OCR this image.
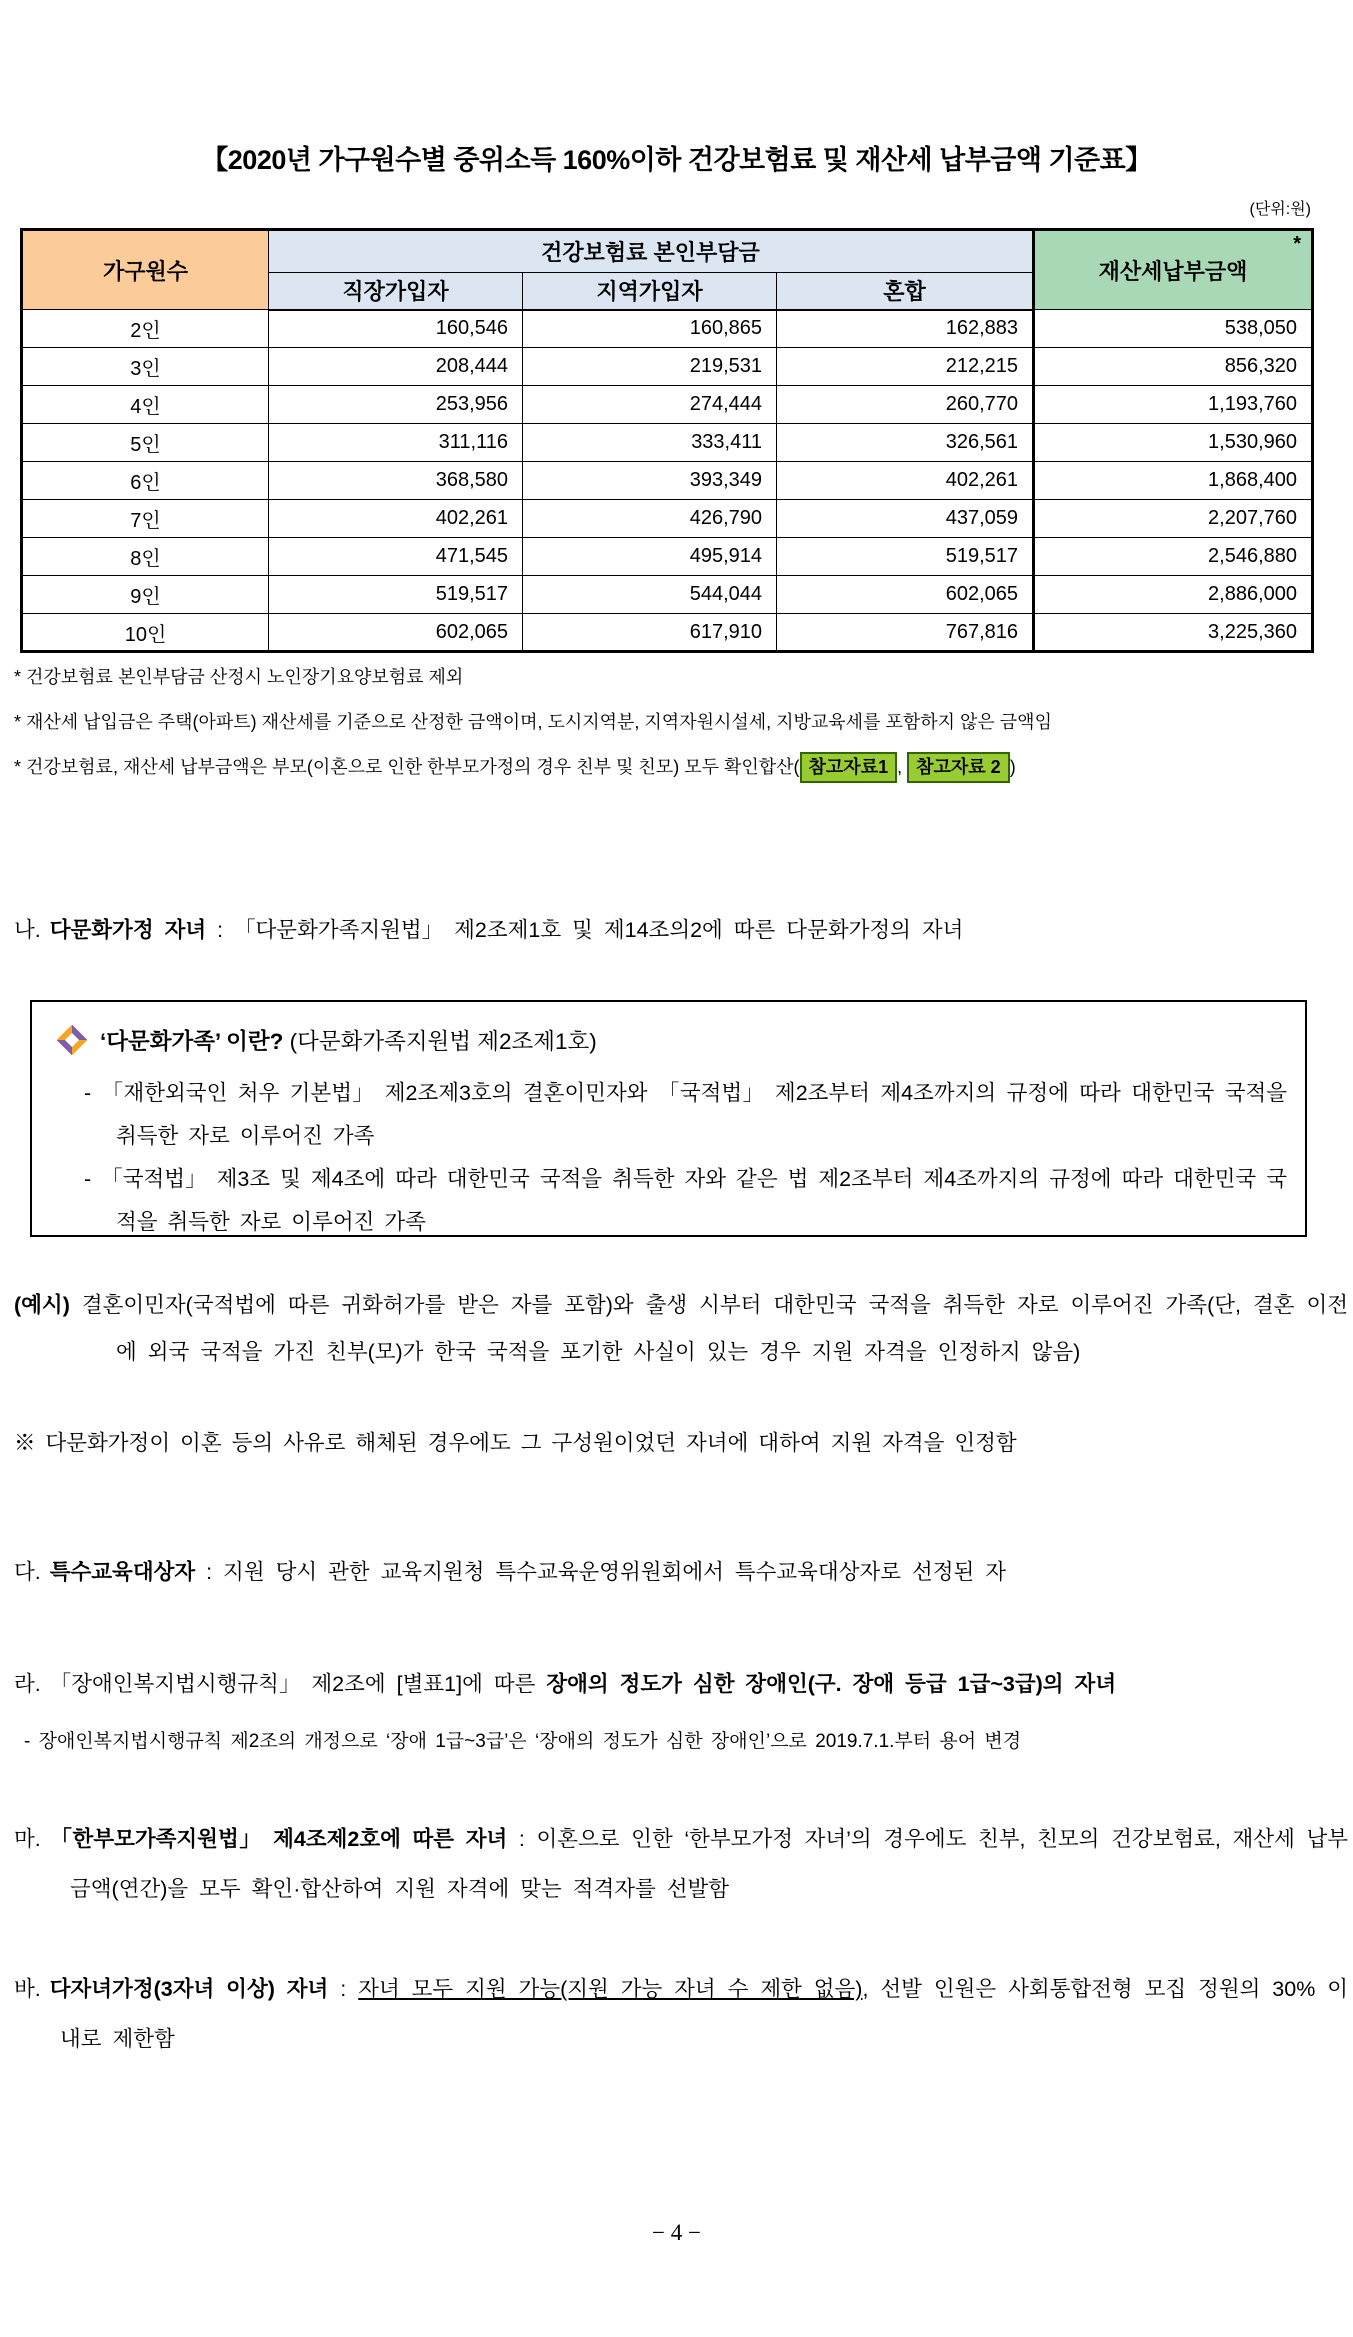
【2020년 가구원수별 중위소득 160%이하 건강보험료 및 재산세 납부금액 기준표】
(단위:원)
가구원수	건강보험료 본인부담금			재산세납부금액
*

	직장가입자	지역가입자	혼합	
2인	160,546	160,865	162,883	538,050
3인	208,444	219,531	212,215	856,320
4인	253,956	274,444	260,770	1,193,760
5인	311,116	333,411	326,561	1,530,960
6인	368,580	393,349	402,261	1,868,400
7인	402,261	426,790	437,059	2,207,760
8인	471,545	495,914	519,517	2,546,880
9인	519,517	544,044	602,065	2,886,000
10인	602,065	617,910	767,816	3,225,360
* 건강보험료 본인부담금 산정시 노인장기요양보험료 제외
* 재산세 납입금은 주택(아파트) 재산세를 기준으로 산정한 금액이며, 도시지역분, 지역자원시설세, 지방교육세를 포함하지 않은 금액임
* 건강보험료, 재산세 납부금액은 부모(이혼으로 인한 한부모가정의 경우 친부 및 친모) 모두 확인합산( 참고자료1 , 참고자료 2 )
나. 다문화가정 자녀 : 「다문화가족지원법」 제2조제1호 및 제14조의2에 따른 다문화가정의 자녀
‘다문화가족’ 이란? (다문화가족지원법 제2조제1호)
- 「재한외국인 처우 기본법」 제2조제3호의 결혼이민자와 「국적법」 제2조부터 제4조까지의 규정에 따라 대한민국 국적을 취득한 자로 이루어진 가족
- 「국적법」 제3조 및 제4조에 따라 대한민국 국적을 취득한 자와 같은 법 제2조부터 제4조까지의 규정에 따라 대한민국 국적을 취득한 자로 이루어진 가족
(예시) 결혼이민자(국적법에 따른 귀화허가를 받은 자를 포함)와 출생 시부터 대한민국 국적을 취득한 자로 이루어진 가족(단, 결혼 이전에 외국 국적을 가진 친부(모)가 한국 국적을 포기한 사실이 있는 경우 지원 자격을 인정하지 않음)
※ 다문화가정이 이혼 등의 사유로 해체된 경우에도 그 구성원이었던 자녀에 대하여 지원 자격을 인정함
다. 특수교육대상자 : 지원 당시 관한 교육지원청 특수교육운영위원회에서 특수교육대상자로 선정된 자
라. 「장애인복지법시행규칙」 제2조에 [별표1]에 따른 장애의 정도가 심한 장애인(구. 장애 등급 1급~3급)의 자녀
- 장애인복지법시행규칙 제2조의 개정으로 ‘장애 1급~3급’은 ‘장애의 정도가 심한 장애인’으로 2019.7.1.부터 용어 변경
마. 「한부모가족지원법」 제4조제2호에 따른 자녀 : 이혼으로 인한 ‘한부모가정 자녀’의 경우에도 친부, 친모의 건강보험료, 재산세 납부금액(연간)을 모두 확인·합산하여 지원 자격에 맞는 적격자를 선발함
바. 다자녀가정(3자녀 이상) 자녀 : 자녀 모두 지원 가능(지원 가능 자녀 수 제한 없음), 선발 인원은 사회통합전형 모집 정원의 30% 이내로 제한함
− 4 −
